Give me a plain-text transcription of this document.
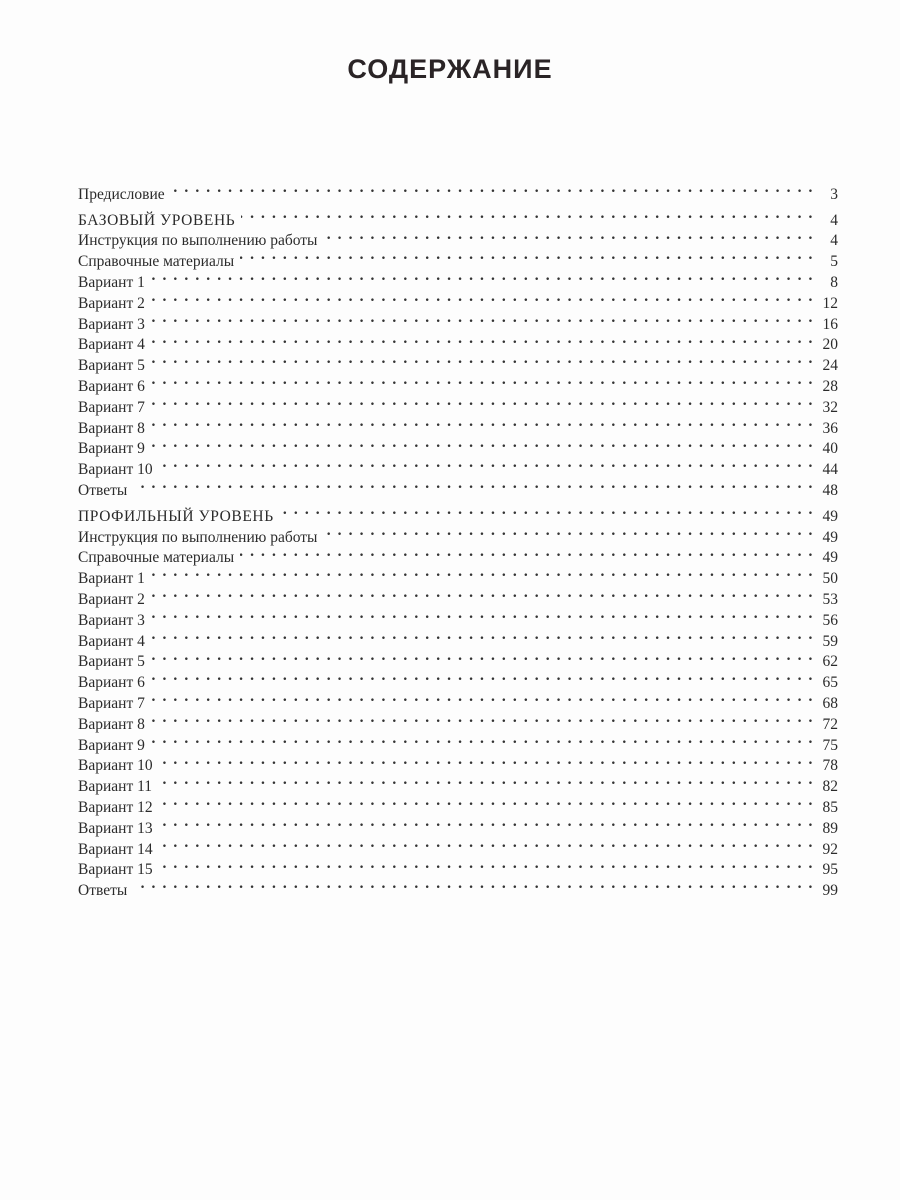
СОДЕРЖАНИЕ
Предисловие . . .	3
БАЗОВЫЙ УРОВЕНЬ . . .	4
Инструкция по выполнению работы . . .	4
Справочные материалы . . .	5
Вариант 1 . . .	8
Вариант 2 . . .	12
Вариант 3 . . .	16
Вариант 4 . . .	20
Вариант 5 . . .	24
Вариант 6 . . .	28
Вариант 7 . . .	32
Вариант 8 . . .	36
Вариант 9 . . .	40
Вариант 10 . . .	44
Ответы . . .	48
ПРОФИЛЬНЫЙ УРОВЕНЬ . . .	49
Инструкция по выполнению работы . . .	49
Справочные материалы . . .	49
Вариант 1 . . .	50
Вариант 2 . . .	53
Вариант 3 . . .	56
Вариант 4 . . .	59
Вариант 5 . . .	62
Вариант 6 . . .	65
Вариант 7 . . .	68
Вариант 8 . . .	72
Вариант 9 . . .	75
Вариант 10 . . .	78
Вариант 11 . . .	82
Вариант 12 . . .	85
Вариант 13 . . .	89
Вариант 14 . . .	92
Вариант 15 . . .	95
Ответы . . .	99
